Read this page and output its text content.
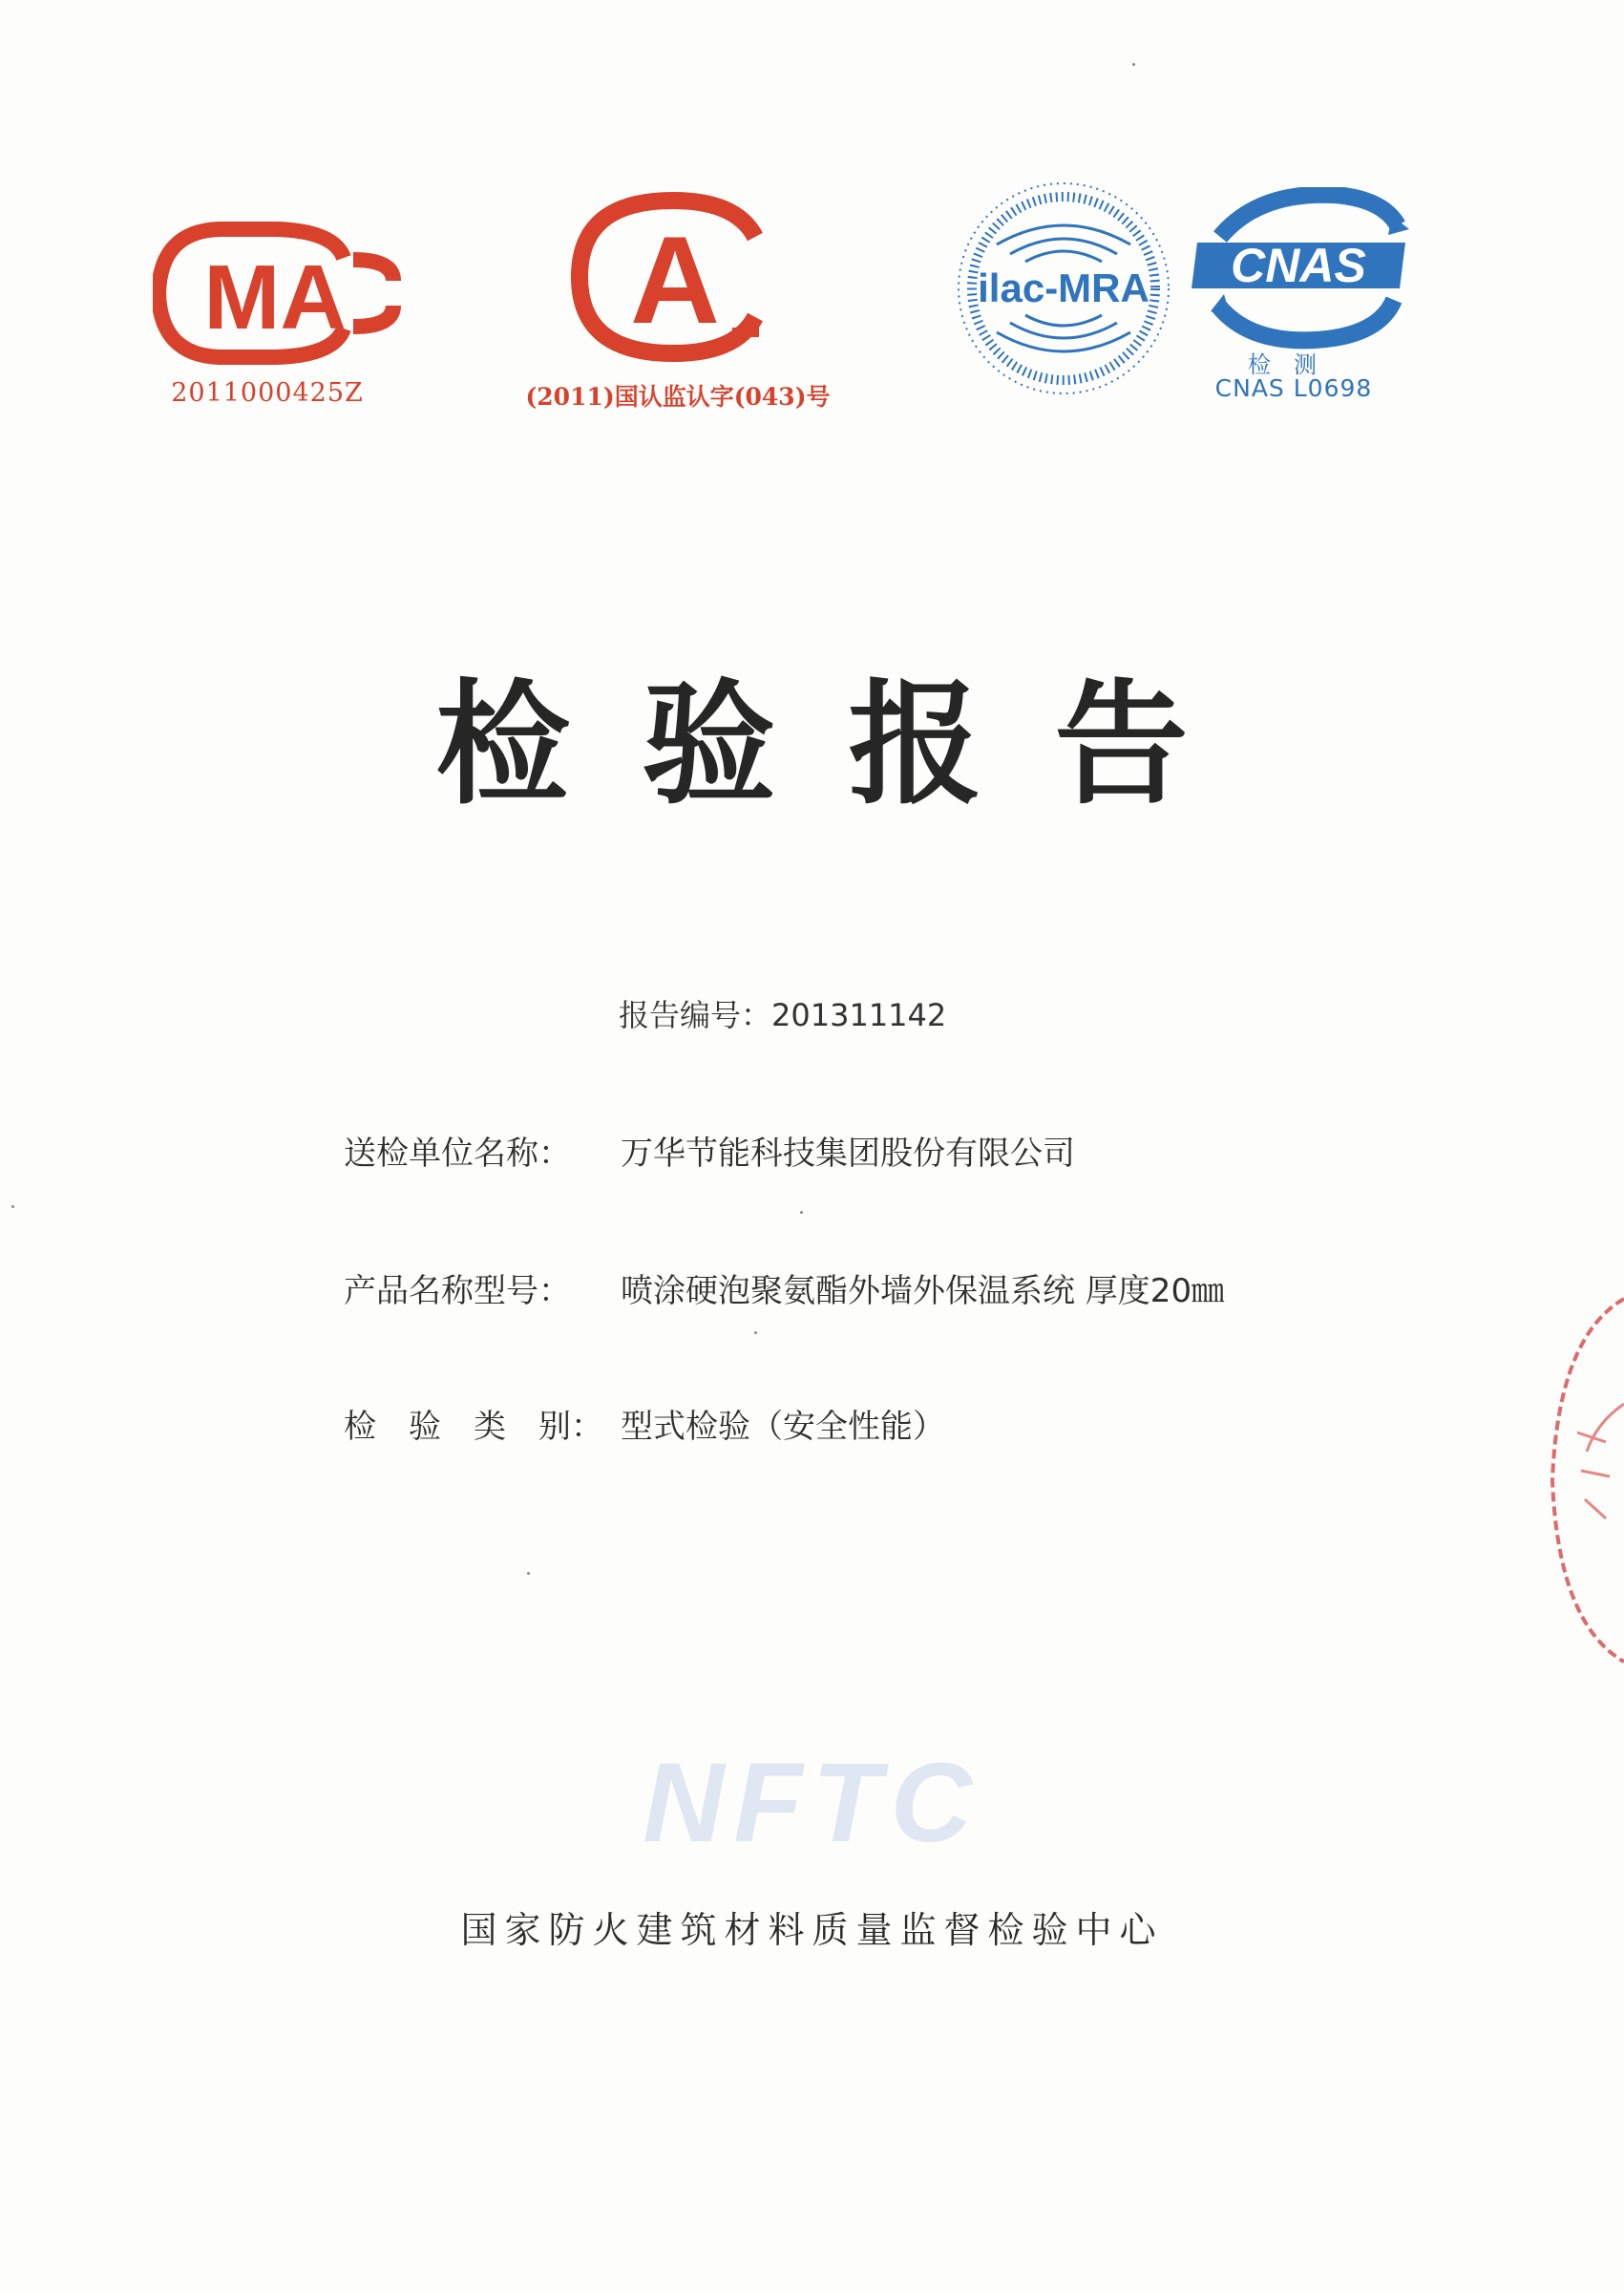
MA
2011000425Z
A
(2011)国认监认字(043)号
ilac-MRA CNAS
检测
CNAS L0698
检验报告
报告编号：201311142
送检单位名称： 万华节能科技集团股份有限公司
产品名称型号： 喷涂硬泡聚氨酯外墙外保温系统 厚度20㎜
检　验　类　别： 型式检验（安全性能）
NFTC
国家防火建筑材料质量监督检验中心
